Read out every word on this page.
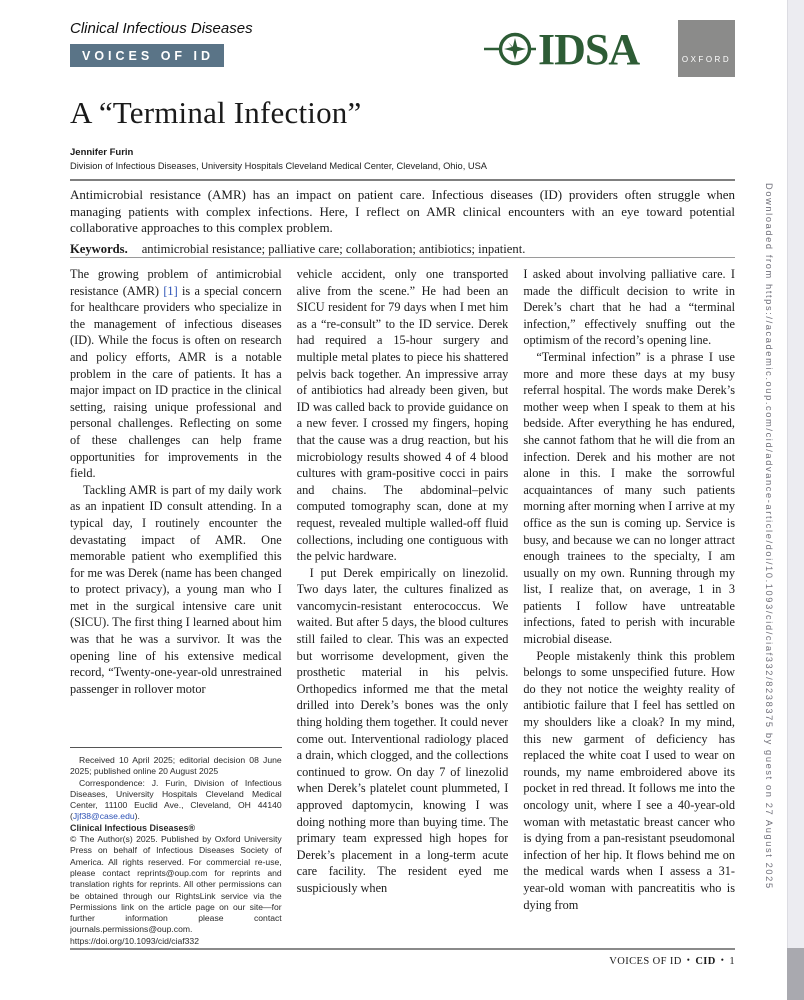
Clinical Infectious Diseases
VOICES OF ID	IDSA	OXFORD
A “Terminal Infection”
Jennifer Furin
Division of Infectious Diseases, University Hospitals Cleveland Medical Center, Cleveland, Ohio, USA
Antimicrobial resistance (AMR) has an impact on patient care. Infectious diseases (ID) providers often struggle when managing patients with complex infections. Here, I reflect on AMR clinical encounters with an eye toward potential collaborative approaches to this complex problem.
Keywords. antimicrobial resistance; palliative care; collaboration; antibiotics; inpatient.

The growing problem of antimicrobial resistance (AMR) [1] is a special concern for healthcare providers who specialize in the management of infectious diseases (ID). While the focus is often on research and policy efforts, AMR is a notable problem in the care of patients. It has a major impact on ID practice in the clinical setting, raising unique professional and personal challenges. Reflecting on some of these challenges can help frame opportunities for improvements in the field.

Tackling AMR is part of my daily work as an inpatient ID consult attending. In a typical day, I routinely encounter the devastating impact of AMR. One memorable patient who exemplified this for me was Derek (name has been changed to protect privacy), a young man who I met in the surgical intensive care unit (SICU). The first thing I learned about him was that he was a survivor. It was the opening line of his extensive medical record, “Twenty-one-year-old unrestrained passenger in rollover motor

Received 10 April 2025; editorial decision 08 June 2025; published online 20 August 2025

Correspondence: J. Furin, Division of Infectious Diseases, University Hospitals Cleveland Medical Center, 11100 Euclid Ave., Cleveland, OH 44140 (Jjf38@case.edu).

Clinical Infectious Diseases®

© The Author(s) 2025. Published by Oxford University Press on behalf of Infectious Diseases Society of America. All rights reserved. For commercial re-use, please contact reprints@oup.com for reprints and translation rights for reprints. All other permissions can be obtained through our RightsLink service via the Permissions link on the article page on our site—for further information please contact journals.permissions@oup.com.

https://doi.org/10.1093/cid/ciaf332

vehicle accident, only one transported alive from the scene.” He had been an SICU resident for 79 days when I met him as a “re-consult” to the ID service. Derek had required a 15-hour surgery and multiple metal plates to piece his shattered pelvis back together. An impressive array of antibiotics had already been given, but ID was called back to provide guidance on a new fever. I crossed my fingers, hoping that the cause was a drug reaction, but his microbiology results showed 4 of 4 blood cultures with gram-positive cocci in pairs and chains. The abdominal–pelvic computed tomography scan, done at my request, revealed multiple walled-off fluid collections, including one contiguous with the pelvic hardware.

I put Derek empirically on linezolid. Two days later, the cultures finalized as vancomycin-resistant enterococcus. We waited. But after 5 days, the blood cultures still failed to clear. This was an expected but worrisome development, given the prosthetic material in his pelvis. Orthopedics informed me that the metal drilled into Derek’s bones was the only thing holding them together. It could never come out. Interventional radiology placed a drain, which clogged, and the collections continued to grow. On day 7 of linezolid when Derek’s platelet count plummeted, I approved daptomycin, knowing I was doing nothing more than buying time. The primary team expressed high hopes for Derek’s placement in a long-term acute care facility. The resident eyed me suspiciously when

I asked about involving palliative care. I made the difficult decision to write in Derek’s chart that he had a “terminal infection,” effectively snuffing out the optimism of the record’s opening line.

“Terminal infection” is a phrase I use more and more these days at my busy referral hospital. The words make Derek’s mother weep when I speak to them at his bedside. After everything he has endured, she cannot fathom that he will die from an infection. Derek and his mother are not alone in this. I make the sorrowful acquaintances of many such patients morning after morning when I arrive at my office as the sun is coming up. Service is busy, and because we can no longer attract enough trainees to the specialty, I am usually on my own. Running through my list, I realize that, on average, 1 in 3 patients I follow have untreatable infections, fated to perish with incurable microbial disease.

People mistakenly think this problem belongs to some unspecified future. How do they not notice the weighty reality of antibiotic failure that I feel has settled on my shoulders like a cloak? In my mind, this new garment of deficiency has replaced the white coat I used to wear on rounds, my name embroidered above its pocket in red thread. It follows me into the oncology unit, where I see a 40-year-old woman with metastatic breast cancer who is dying from a pan-resistant pseudomonal infection of her hip. It flows behind me on the medical wards when I assess a 31-year-old woman with pancreatitis who is dying from

VOICES OF ID • CID • 1
Downloaded from https://academic.oup.com/cid/advance-article/doi/10.1093/cid/ciaf332/8238375 by guest on 27 August 2025
